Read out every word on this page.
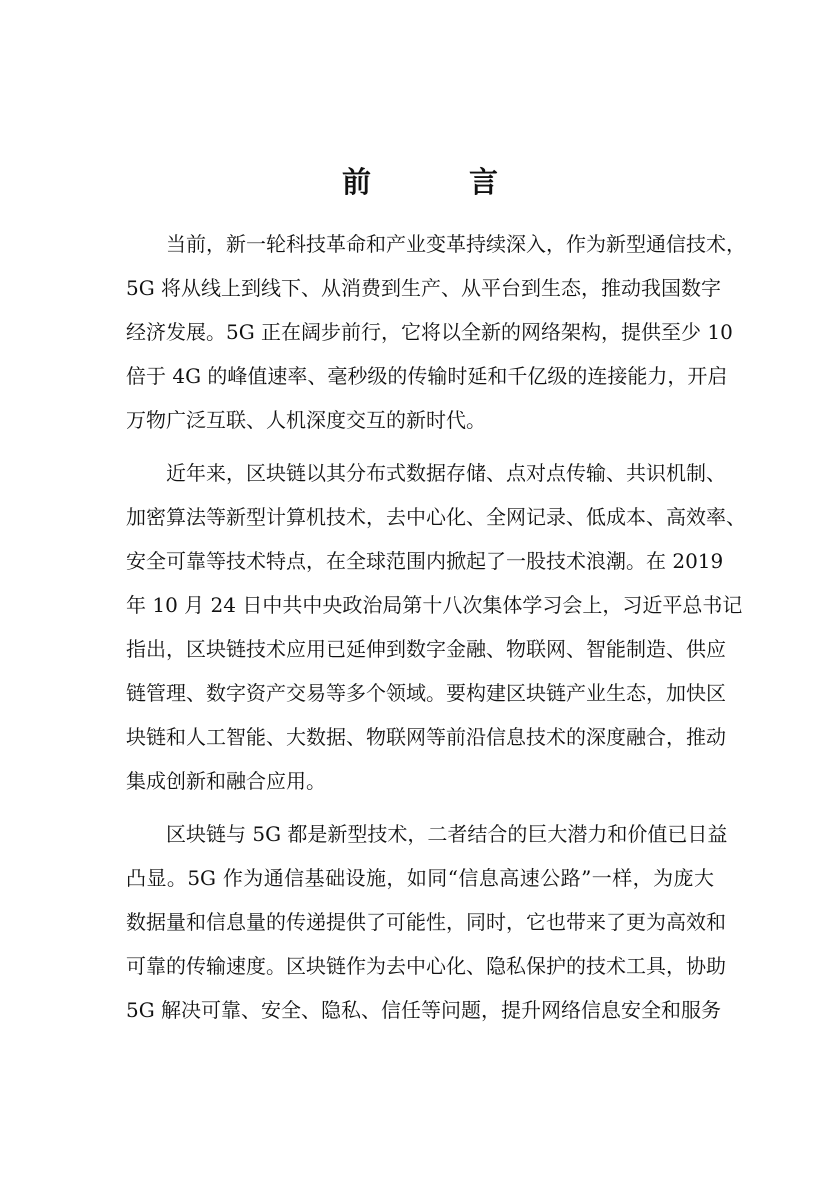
前 言
当前，新一轮科技革命和产业变革持续深入，作为新型通信技术，
5G 将从线上到线下、从消费到生产、从平台到生态，推动我国数字
经济发展。5G 正在阔步前行，它将以全新的网络架构，提供至少 10
倍于 4G 的峰值速率、毫秒级的传输时延和千亿级的连接能力，开启
万物广泛互联、人机深度交互的新时代。
近年来，区块链以其分布式数据存储、点对点传输、共识机制、
加密算法等新型计算机技术，去中心化、全网记录、低成本、高效率、
安全可靠等技术特点，在全球范围内掀起了一股技术浪潮。在 2019
年 10 月 24 日中共中央政治局第十八次集体学习会上，习近平总书记
指出，区块链技术应用已延伸到数字金融、物联网、智能制造、供应
链管理、数字资产交易等多个领域。要构建区块链产业生态，加快区
块链和人工智能、大数据、物联网等前沿信息技术的深度融合，推动
集成创新和融合应用。
区块链与 5G 都是新型技术，二者结合的巨大潜力和价值已日益
凸显。5G 作为通信基础设施，如同“信息高速公路”一样，为庞大
数据量和信息量的传递提供了可能性，同时，它也带来了更为高效和
可靠的传输速度。区块链作为去中心化、隐私保护的技术工具，协助
5G 解决可靠、安全、隐私、信任等问题，提升网络信息安全和服务
